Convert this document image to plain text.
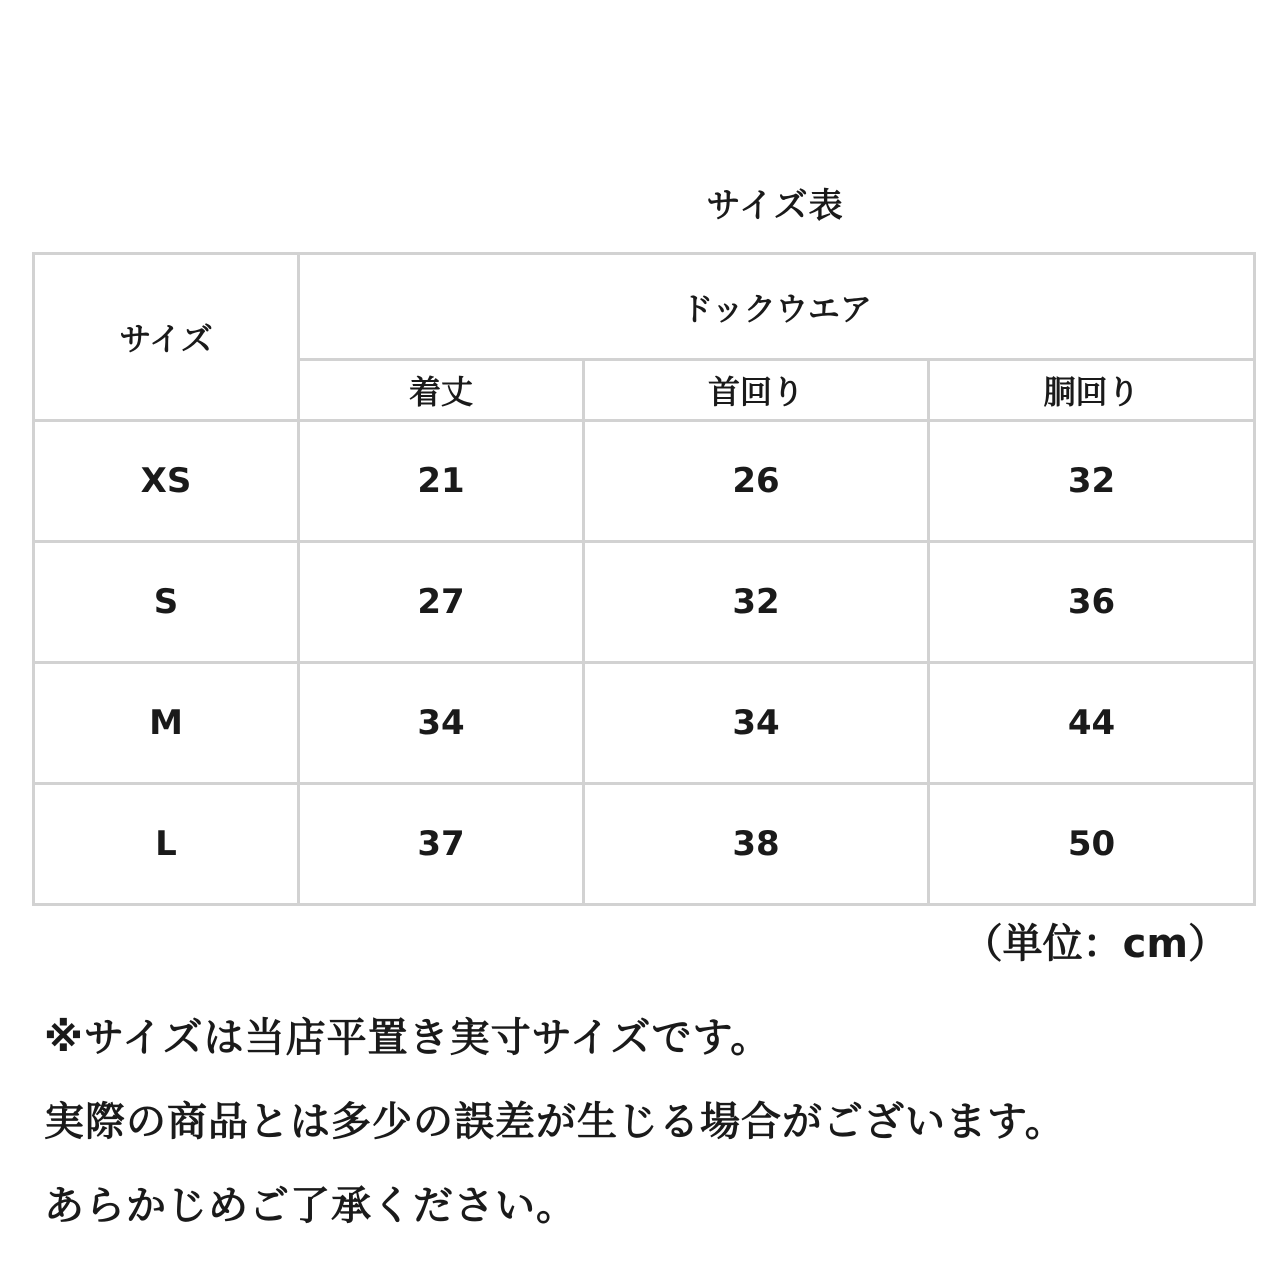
サイズ表
サイズ	ドックウエア		
	着丈	首回り	胴回り
XS	21	26	32
S	27	32	36
M	34	34	44
L	37	38	50
（単位：cm）
※サイズは当店平置き実寸サイズです。
実際の商品とは多少の誤差が生じる場合がございます。
あらかじめご了承ください。
